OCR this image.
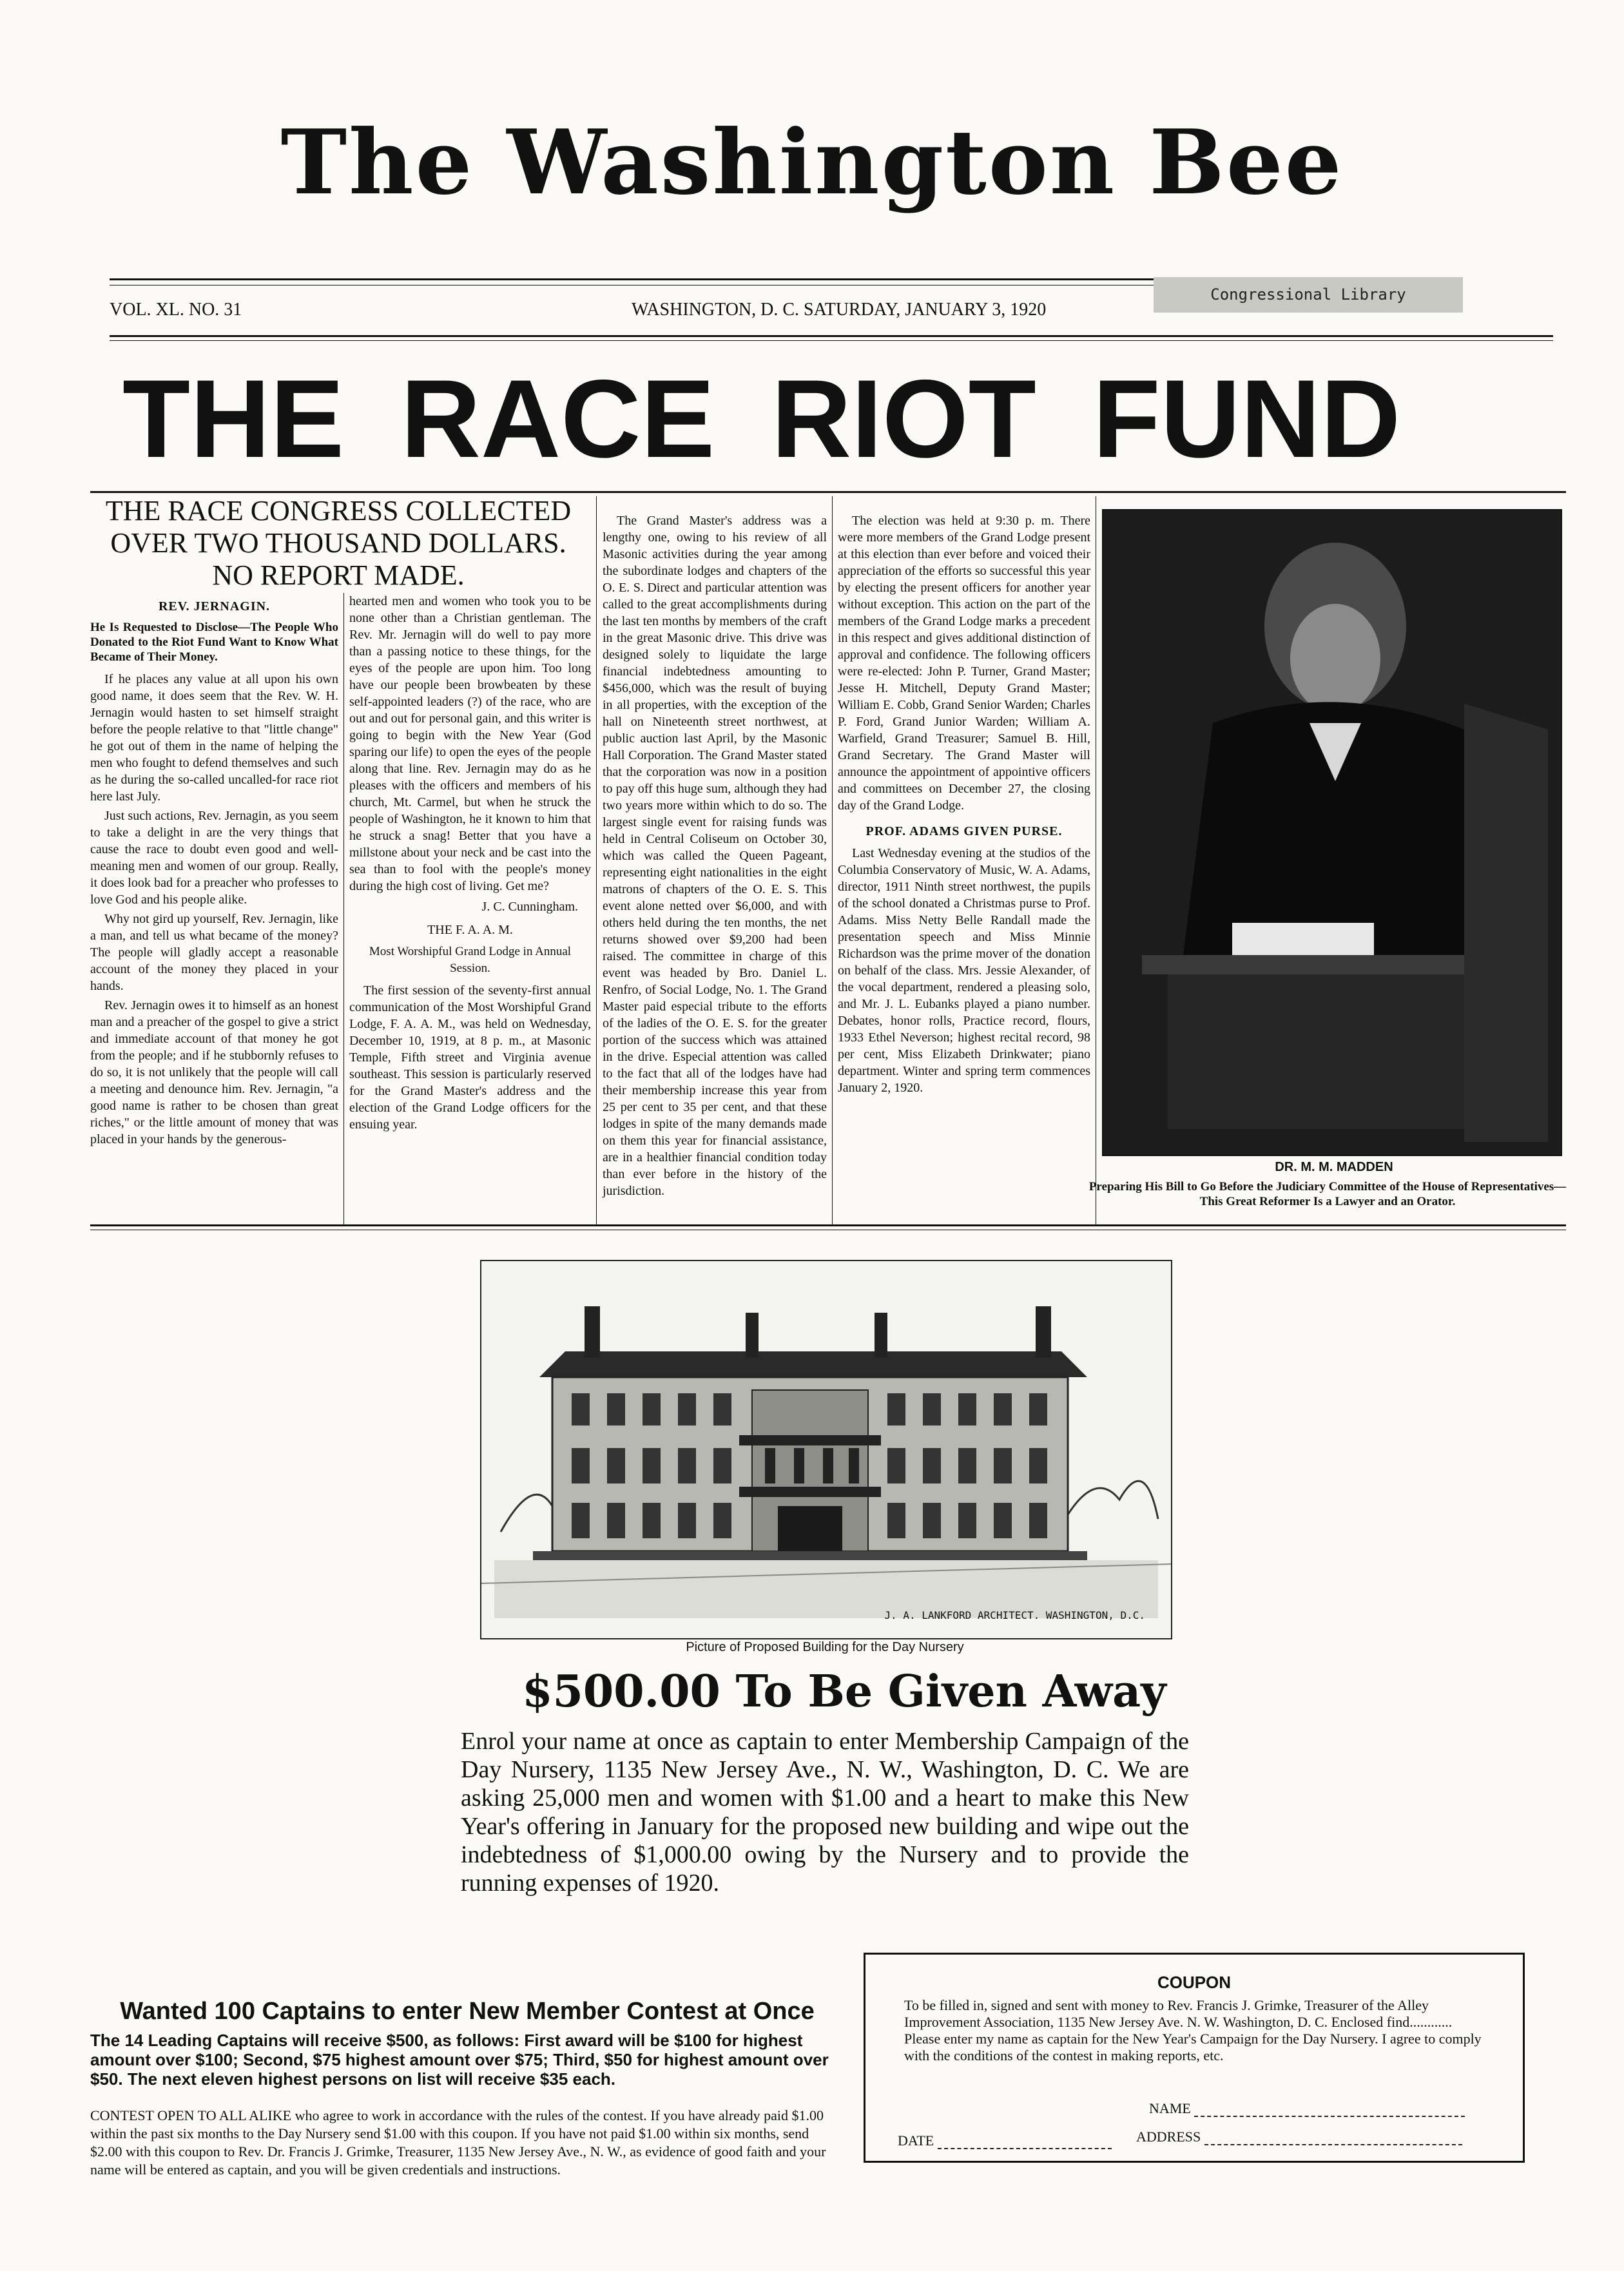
The Washington Bee
Congressional Library
VOL. XL. NO. 31	WASHINGTON, D. C. SATURDAY, JANUARY 3, 1920
THE RACE RIOT FUND
THE RACE CONGRESS COLLECTED OVER TWO THOUSAND DOLLARS. NO REPORT MADE.
REV. JERNAGIN.
He Is Requested to Disclose—The People Who Donated to the Riot Fund Want to Know What Became of Their Money.

If he places any value at all upon his own good name, it does seem that the Rev. W. H. Jernagin would hasten to set himself straight before the people relative to that "little change" he got out of them in the name of helping the men who fought to defend themselves and such as he during the so-called uncalled-for race riot here last July.

Just such actions, Rev. Jernagin, as you seem to take a delight in are the very things that cause the race to doubt even good and well-meaning men and women of our group. Really, it does look bad for a preacher who professes to love God and his people alike.

Why not gird up yourself, Rev. Jernagin, like a man, and tell us what became of the money? The people will gladly accept a reasonable account of the money they placed in your hands.

Rev. Jernagin owes it to himself as an honest man and a preacher of the gospel to give a strict and immediate account of that money he got from the people; and if he stubbornly refuses to do so, it is not unlikely that the people will call a meeting and denounce him. Rev. Jernagin, "a good name is rather to be chosen than great riches," or the little amount of money that was placed in your hands by the generous-

hearted men and women who took you to be none other than a Christian gentleman. The Rev. Mr. Jernagin will do well to pay more than a passing notice to these things, for the eyes of the people are upon him. Too long have our people been browbeaten by these self-appointed leaders (?) of the race, who are out and out for personal gain, and this writer is going to begin with the New Year (God sparing our life) to open the eyes of the people along that line. Rev. Jernagin may do as he pleases with the officers and members of his church, Mt. Carmel, but when he struck the people of Washington, he it known to him that he struck a snag! Better that you have a millstone about your neck and be cast into the sea than to fool with the people's money during the high cost of living. Get me?

J. C. Cunningham.
THE F. A. A. M.
Most Worshipful Grand Lodge in Annual Session.

The first session of the seventy-first annual communication of the Most Worshipful Grand Lodge, F. A. A. M., was held on Wednesday, December 10, 1919, at 8 p. m., at Masonic Temple, Fifth street and Virginia avenue southeast. This session is particularly reserved for the Grand Master's address and the election of the Grand Lodge officers for the ensuing year.

The Grand Master's address was a lengthy one, owing to his review of all Masonic activities during the year among the subordinate lodges and chapters of the O. E. S. Direct and particular attention was called to the great accomplishments during the last ten months by members of the craft in the great Masonic drive. This drive was designed solely to liquidate the large financial indebtedness amounting to $456,000, which was the result of buying in all properties, with the exception of the hall on Nineteenth street northwest, at public auction last April, by the Masonic Hall Corporation. The Grand Master stated that the corporation was now in a position to pay off this huge sum, although they had two years more within which to do so. The largest single event for raising funds was held in Central Coliseum on October 30, which was called the Queen Pageant, representing eight nationalities in the eight matrons of chapters of the O. E. S. This event alone netted over $6,000, and with others held during the ten months, the net returns showed over $9,200 had been raised. The committee in charge of this event was headed by Bro. Daniel L. Renfro, of Social Lodge, No. 1. The Grand Master paid especial tribute to the efforts of the ladies of the O. E. S. for the greater portion of the success which was attained in the drive. Especial attention was called to the fact that all of the lodges have had their membership increase this year from 25 per cent to 35 per cent, and that these lodges in spite of the many demands made on them this year for financial assistance, are in a healthier financial condition today than ever before in the history of the jurisdiction.

The election was held at 9:30 p. m. There were more members of the Grand Lodge present at this election than ever before and voiced their appreciation of the efforts so successful this year by electing the present officers for another year without exception. This action on the part of the members of the Grand Lodge marks a precedent in this respect and gives additional distinction of approval and confidence. The following officers were re-elected: John P. Turner, Grand Master; Jesse H. Mitchell, Deputy Grand Master; William E. Cobb, Grand Senior Warden; Charles P. Ford, Grand Junior Warden; William A. Warfield, Grand Treasurer; Samuel B. Hill, Grand Secretary. The Grand Master will announce the appointment of appointive officers and committees on December 27, the closing day of the Grand Lodge.

PROF. ADAMS GIVEN PURSE.

Last Wednesday evening at the studios of the Columbia Conservatory of Music, W. A. Adams, director, 1911 Ninth street northwest, the pupils of the school donated a Christmas purse to Prof. Adams. Miss Netty Belle Randall made the presentation speech and Miss Minnie Richardson was the prime mover of the donation on behalf of the class. Mrs. Jessie Alexander, of the vocal department, rendered a pleasing solo, and Mr. J. L. Eubanks played a piano number. Debates, honor rolls, Practice record, flours, 1933 Ethel Neverson; highest recital record, 98 per cent, Miss Elizabeth Drinkwater; piano department. Winter and spring term commences January 2, 1920.

DR. M. M. MADDEN
Preparing His Bill to Go Before the Judiciary Committee of the House of Representatives—This Great Reformer Is a Lawyer and an Orator.
J. A. LANKFORD ARCHITECT. WASHINGTON, D.C.
Picture of Proposed Building for the Day Nursery
$500.00 To Be Given Away
Enrol your name at once as captain to enter Membership Campaign of the Day Nursery, 1135 New Jersey Ave., N. W., Washington, D. C. We are asking 25,000 men and women with $1.00 and a heart to make this New Year's offering in January for the proposed new building and wipe out the indebtedness of $1,000.00 owing by the Nursery and to provide the running expenses of 1920.
Wanted 100 Captains to enter New Member Contest at Once
The 14 Leading Captains will receive $500, as follows: First award will be $100 for highest amount over $100; Second, $75 highest amount over $75; Third, $50 for highest amount over $50. The next eleven highest persons on list will receive $35 each.
CONTEST OPEN TO ALL ALIKE who agree to work in accordance with the rules of the contest. If you have already paid $1.00 within the past six months to the Day Nursery send $1.00 with this coupon. If you have not paid $1.00 within six months, send $2.00 with this coupon to Rev. Dr. Francis J. Grimke, Treasurer, 1135 New Jersey Ave., N. W., as evidence of good faith and your name will be entered as captain, and you will be given credentials and instructions.
COUPON
To be filled in, signed and sent with money to Rev. Francis J. Grimke, Treasurer of the Alley Improvement Association, 1135 New Jersey Ave. N. W. Washington, D. C. Enclosed find............ Please enter my name as captain for the New Year's Campaign for the Day Nursery. I agree to comply with the conditions of the contest in making reports, etc.
NAME
DATE	ADDRESS
